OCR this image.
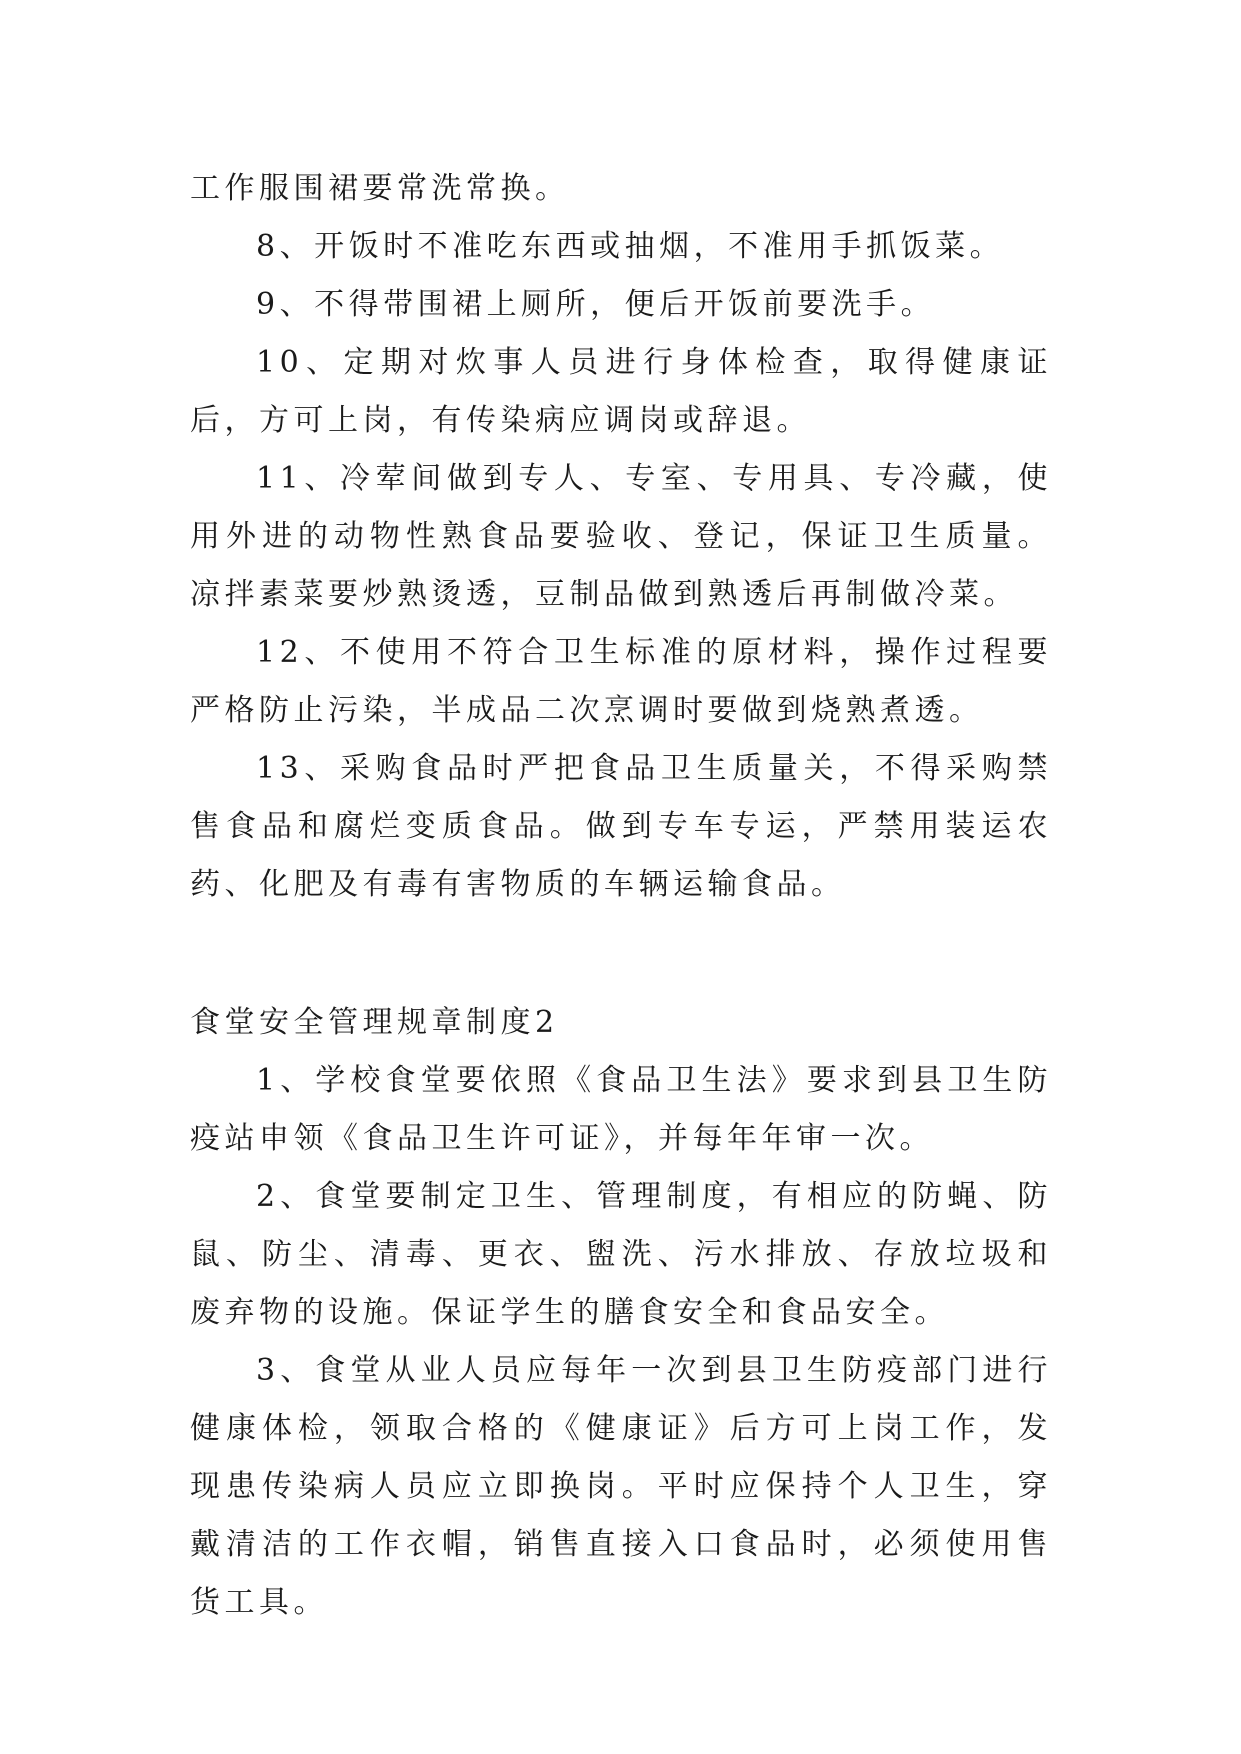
工作服围裙要常洗常换。

8、开饭时不准吃东西或抽烟，不准用手抓饭菜。

9、不得带围裙上厕所，便后开饭前要洗手。

10、定期对炊事人员进行身体检查，取得健康证后，方可上岗，有传染病应调岗或辞退。

11、冷荤间做到专人、专室、专用具、专冷藏，使用外进的动物性熟食品要验收、登记，保证卫生质量。凉拌素菜要炒熟烫透，豆制品做到熟透后再制做冷菜。

12、不使用不符合卫生标准的原材料，操作过程要严格防止污染，半成品二次烹调时要做到烧熟煮透。

13、采购食品时严把食品卫生质量关，不得采购禁售食品和腐烂变质食品。做到专车专运，严禁用装运农药、化肥及有毒有害物质的车辆运输食品。

食堂安全管理规章制度2

1、学校食堂要依照《食品卫生法》要求到县卫生防疫站申领《食品卫生许可证》，并每年年审一次。

2、食堂要制定卫生、管理制度，有相应的防蝇、防鼠、防尘、清毒、更衣、盥洗、污水排放、存放垃圾和废弃物的设施。保证学生的膳食安全和食品安全。

3、食堂从业人员应每年一次到县卫生防疫部门进行健康体检，领取合格的《健康证》后方可上岗工作，发现患传染病人员应立即换岗。平时应保持个人卫生，穿戴清洁的工作衣帽，销售直接入口食品时，必须使用售货工具。
